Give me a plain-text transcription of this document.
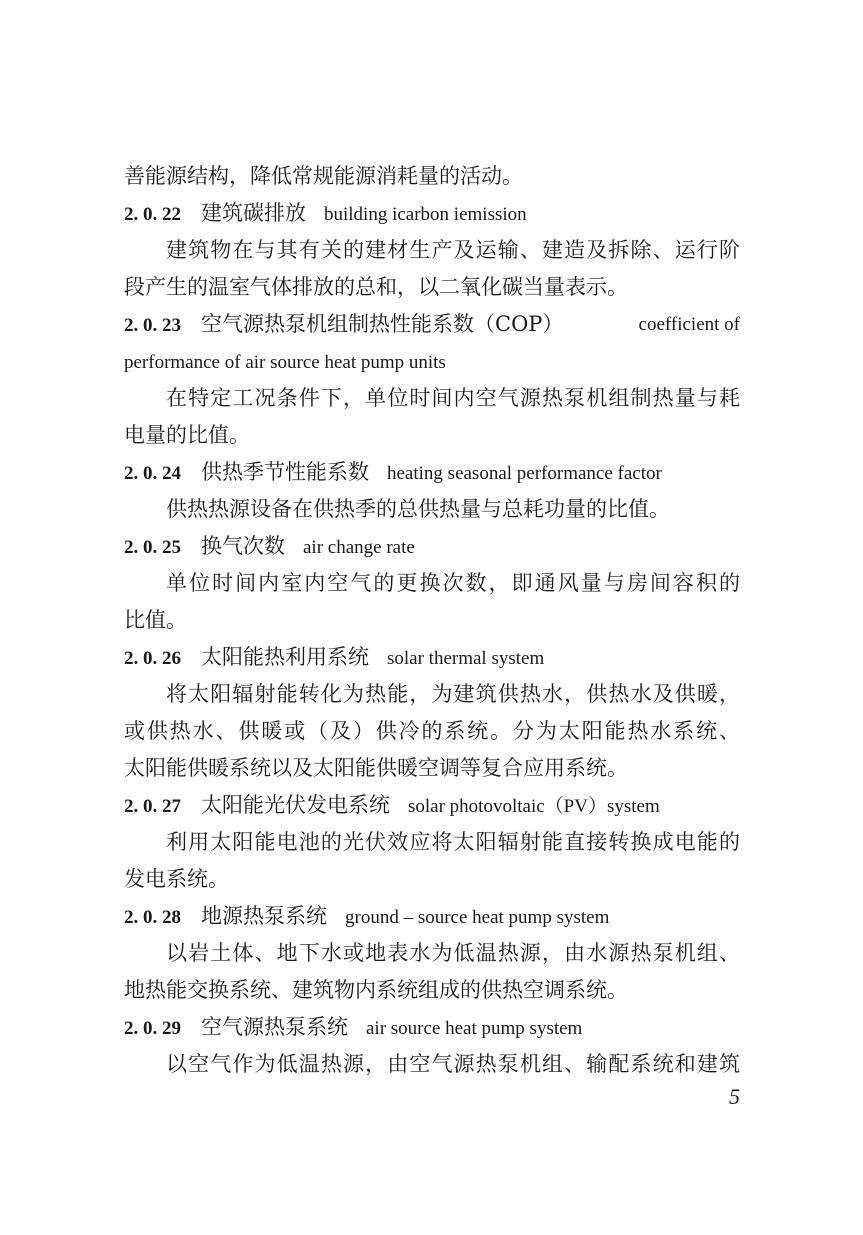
善能源结构，降低常规能源消耗量的活动。
2. 0. 22 建筑碳排放 building icarbon iemission
建筑物在与其有关的建材生产及运输、建造及拆除、运行阶
段产生的温室气体排放的总和，以二氧化碳当量表示。
2. 0. 23 空气源热泵机组制热性能系数（COP）	coefficient of
performance of air source heat pump units
在特定工况条件下，单位时间内空气源热泵机组制热量与耗
电量的比值。
2. 0. 24 供热季节性能系数 heating seasonal performance factor
供热热源设备在供热季的总供热量与总耗功量的比值。
2. 0. 25 换气次数 air change rate
单位时间内室内空气的更换次数，即通风量与房间容积的
比值。
2. 0. 26 太阳能热利用系统 solar thermal system
将太阳辐射能转化为热能，为建筑供热水，供热水及供暖，
或供热水、供暖或（及）供冷的系统。分为太阳能热水系统、
太阳能供暖系统以及太阳能供暖空调等复合应用系统。
2. 0. 27 太阳能光伏发电系统 solar photovoltaic（PV）system
利用太阳能电池的光伏效应将太阳辐射能直接转换成电能的
发电系统。
2. 0. 28 地源热泵系统 ground – source heat pump system
以岩土体、地下水或地表水为低温热源，由水源热泵机组、
地热能交换系统、建筑物内系统组成的供热空调系统。
2. 0. 29 空气源热泵系统 air source heat pump system
以空气作为低温热源，由空气源热泵机组、输配系统和建筑
5
